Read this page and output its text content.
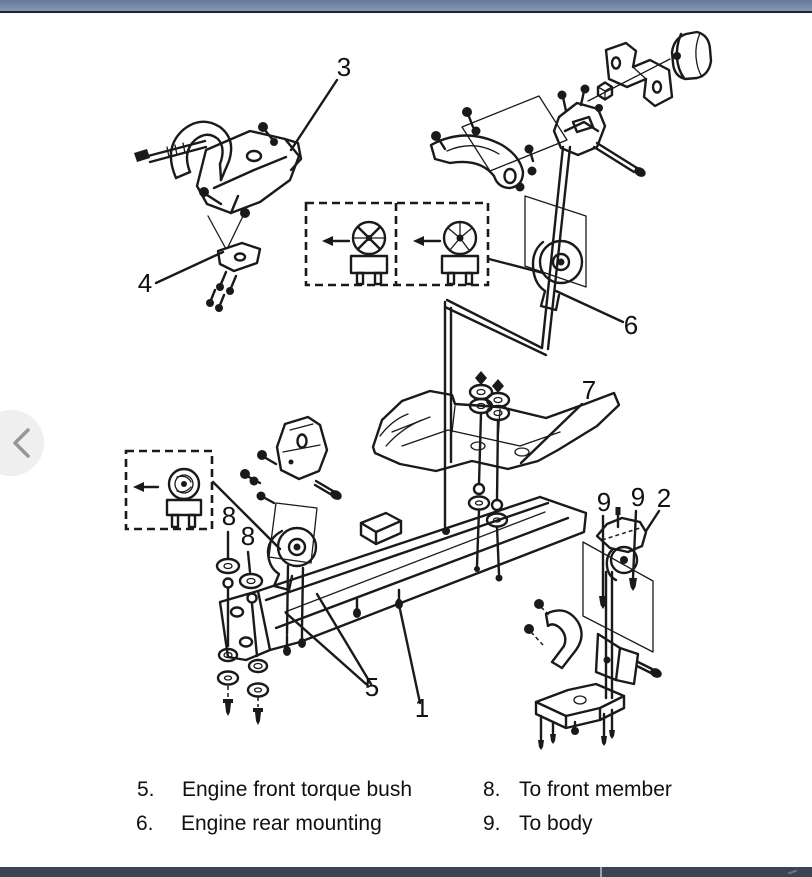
3
4
6
7
8
8
9 9 2
5
1
5. Engine front torque bush
6. Engine rear mounting
8. To front member
9. To body
